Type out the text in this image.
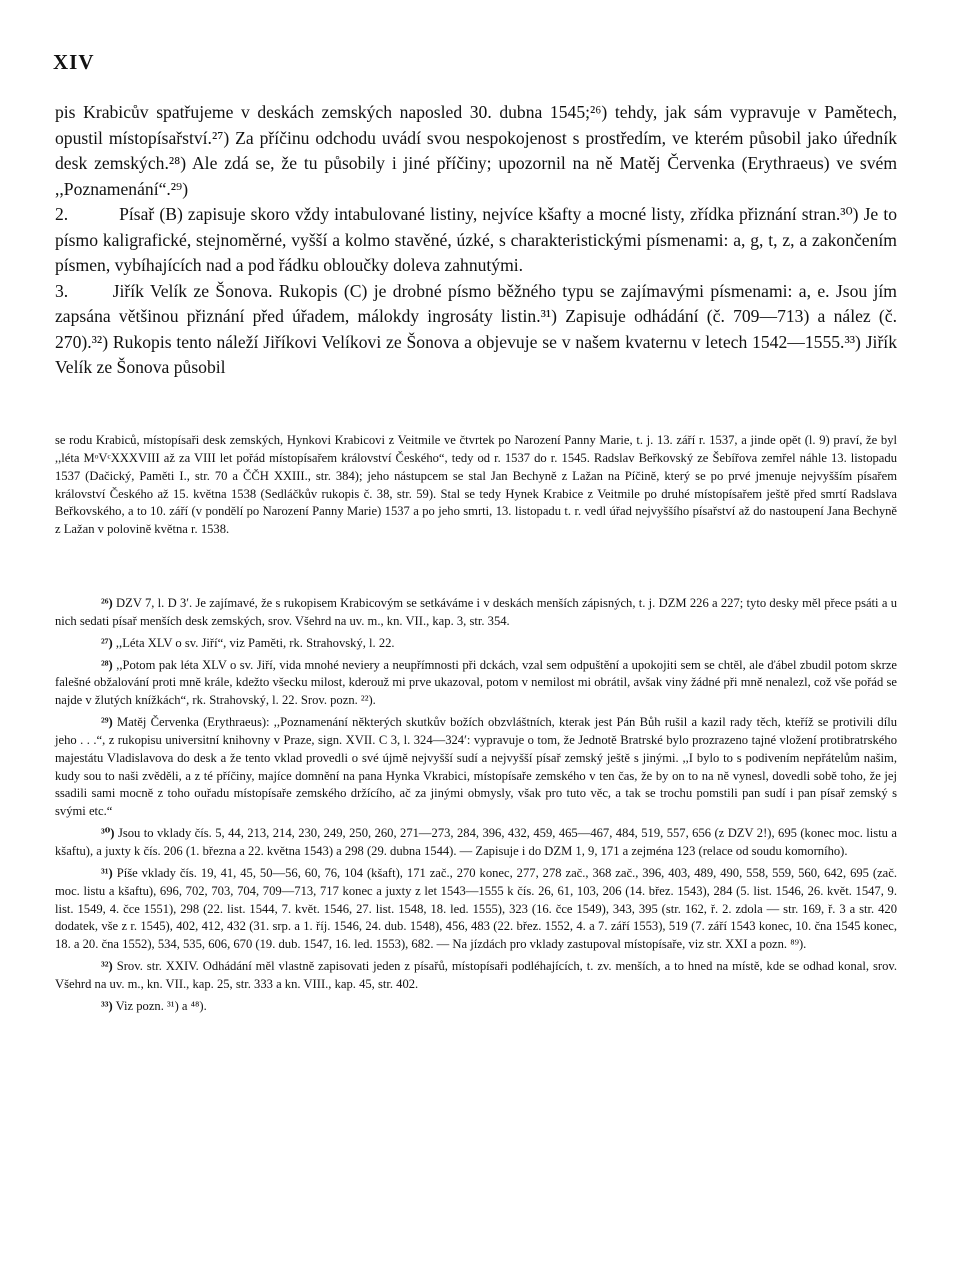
XIV

pis Krabicův spatřujeme v deskách zemských naposled 30. dubna 1545;²⁶) tehdy, jak sám vypravuje v Pamětech, opustil místopísařství.²⁷) Za příčinu odchodu uvádí svou nespokojenost s prostředím, ve kterém působil jako úředník desk zemských.²⁸) Ale zdá se, že tu působily i jiné příčiny; upozornil na ně Matěj Červenka (Erythraeus) ve svém ,,Poznamenání“.²⁹)

2.          Písař (B) zapisuje skoro vždy intabulované listiny, nejvíce kšafty a mocné listy, zřídka přiznání stran.³⁰) Je to písmo kaligrafické, stejnoměrné, vyšší a kolmo stavěné, úzké, s charakteristickými písmenami: a, g, t, z, a zakončením písmen, vybíhajících nad a pod řádku obloučky doleva zahnutými.

3.       Jiřík Velík ze Šonova. Rukopis (C) je drobné písmo běžného typu se zajímavými písmenami: a, e. Jsou jím zapsána většinou přiznání před úřadem, málokdy ingrosáty listin.³¹) Zapisuje odhádání (č. 709—713) a nález (č. 270).³²) Rukopis tento náleží Jiříkovi Velíkovi ze Šonova a objevuje se v našem kvaternu v letech 1542—1555.³³) Jiřík Velík ze Šonova působil

se rodu Krabiců, místopísaři desk zemských, Hynkovi Krabicovi z Veitmile ve čtvrtek po Narození Panny Marie, t. j. 13. září r. 1537, a jinde opět (l. 9) praví, že byl ,,léta MᵒVᶜXXXVIII až za VIII let pořád místopísařem království Českého“, tedy od r. 1537 do r. 1545. Radslav Beřkovský ze Šebířova zemřel náhle 13. listopadu 1537 (Dačický, Paměti I., str. 70 a ČČH XXIII., str. 384); jeho nástupcem se stal Jan Bechyně z Lažan na Píčině, který se po prvé jmenuje nejvyšším písařem království Českého až 15. května 1538 (Sedláčkův rukopis č. 38, str. 59). Stal se tedy Hynek Krabice z Veitmile po druhé místopísařem ještě před smrtí Radslava Beřkovského, a to 10. září (v pondělí po Narození Panny Marie) 1537 a po jeho smrti, 13. listopadu t. r. vedl úřad nejvyššího písařství až do nastoupení Jana Bechyně z Lažan v polovině května r. 1538.

²⁶) DZV 7, l. D 3′. Je zajímavé, že s rukopisem Krabicovým se setkáváme i v deskách menších zápisných, t. j. DZM 226 a 227; tyto desky měl přece psáti a u nich sedati písař menších desk zemských, srov. Všehrd na uv. m., kn. VII., kap. 3, str. 354.

²⁷) ,,Léta XLV o sv. Jiří“, viz Paměti, rk. Strahovský, l. 22.

²⁸) ,,Potom pak léta XLV o sv. Jiří, vida mnohé neviery a neupřímnosti při dckách, vzal sem odpuštění a upokojiti sem se chtěl, ale ďábel zbudil potom skrze falešné obžalování proti mně krále, kdežto všecku milost, kderouž mi prve ukazoval, potom v nemilost mi obrátil, avšak viny žádné při mně nenalezl, což vše pořád se najde v žlutých knížkách“, rk. Strahovský, l. 22. Srov. pozn. ²²).

²⁹) Matěj Červenka (Erythraeus): ,,Poznamenání některých skutkův božích obzvláštních, kterak jest Pán Bůh rušil a kazil rady těch, kteříž se protivili dílu jeho . . .“, z rukopisu universitní knihovny v Praze, sign. XVII. C 3, l. 324—324′: vypravuje o tom, že Jednotě Bratrské bylo prozrazeno tajné vložení protibratrského majestátu Vladislavova do desk a že tento vklad provedli o své újmě nejvyšší sudí a nejvyšší písař zemský ještě s jinými. ,,I bylo to s podivením nepřátelům našim, kudy sou to naši zvěděli, a z té příčiny, majíce domnění na pana Hynka Vkrabici, místopísaře zemského v ten čas, že by on to na ně vynesl, dovedli sobě toho, že jej ssadili sami mocně z toho ouřadu místopísaře zemského držícího, ač za jinými obmysly, však pro tuto věc, a tak se trochu pomstili pan sudí i pan písař zemský s svými etc.“

³⁰) Jsou to vklady čís. 5, 44, 213, 214, 230, 249, 250, 260, 271—273, 284, 396, 432, 459, 465—467, 484, 519, 557, 656 (z DZV 2!), 695 (konec moc. listu a kšaftu), a juxty k čís. 206 (1. března a 22. května 1543) a 298 (29. dubna 1544). — Zapisuje i do DZM 1, 9, 171 a zejména 123 (relace od soudu komorního).

³¹) Píše vklady čís. 19, 41, 45, 50—56, 60, 76, 104 (kšaft), 171 zač., 270 konec, 277, 278 zač., 368 zač., 396, 403, 489, 490, 558, 559, 560, 642, 695 (zač. moc. listu a kšaftu), 696, 702, 703, 704, 709—713, 717 konec a juxty z let 1543—1555 k čís. 26, 61, 103, 206 (14. břez. 1543), 284 (5. list. 1546, 26. květ. 1547, 9. list. 1549, 4. čce 1551), 298 (22. list. 1544, 7. květ. 1546, 27. list. 1548, 18. led. 1555), 323 (16. čce 1549), 343, 395 (str. 162, ř. 2. zdola — str. 169, ř. 3 a str. 420 dodatek, vše z r. 1545), 402, 412, 432 (31. srp. a 1. říj. 1546, 24. dub. 1548), 456, 483 (22. břez. 1552, 4. a 7. září 1553), 519 (7. září 1543 konec, 10. čna 1545 konec, 18. a 20. čna 1552), 534, 535, 606, 670 (19. dub. 1547, 16. led. 1553), 682. — Na jízdách pro vklady zastupoval místopísaře, viz str. XXI a pozn. ⁸⁹).

³²) Srov. str. XXIV. Odhádání měl vlastně zapisovati jeden z písařů, místopísaři podléhajících, t. zv. menších, a to hned na místě, kde se odhad konal, srov. Všehrd na uv. m., kn. VII., kap. 25, str. 333 a kn. VIII., kap. 45, str. 402.

³³) Viz pozn. ³¹) a ⁴⁸).
